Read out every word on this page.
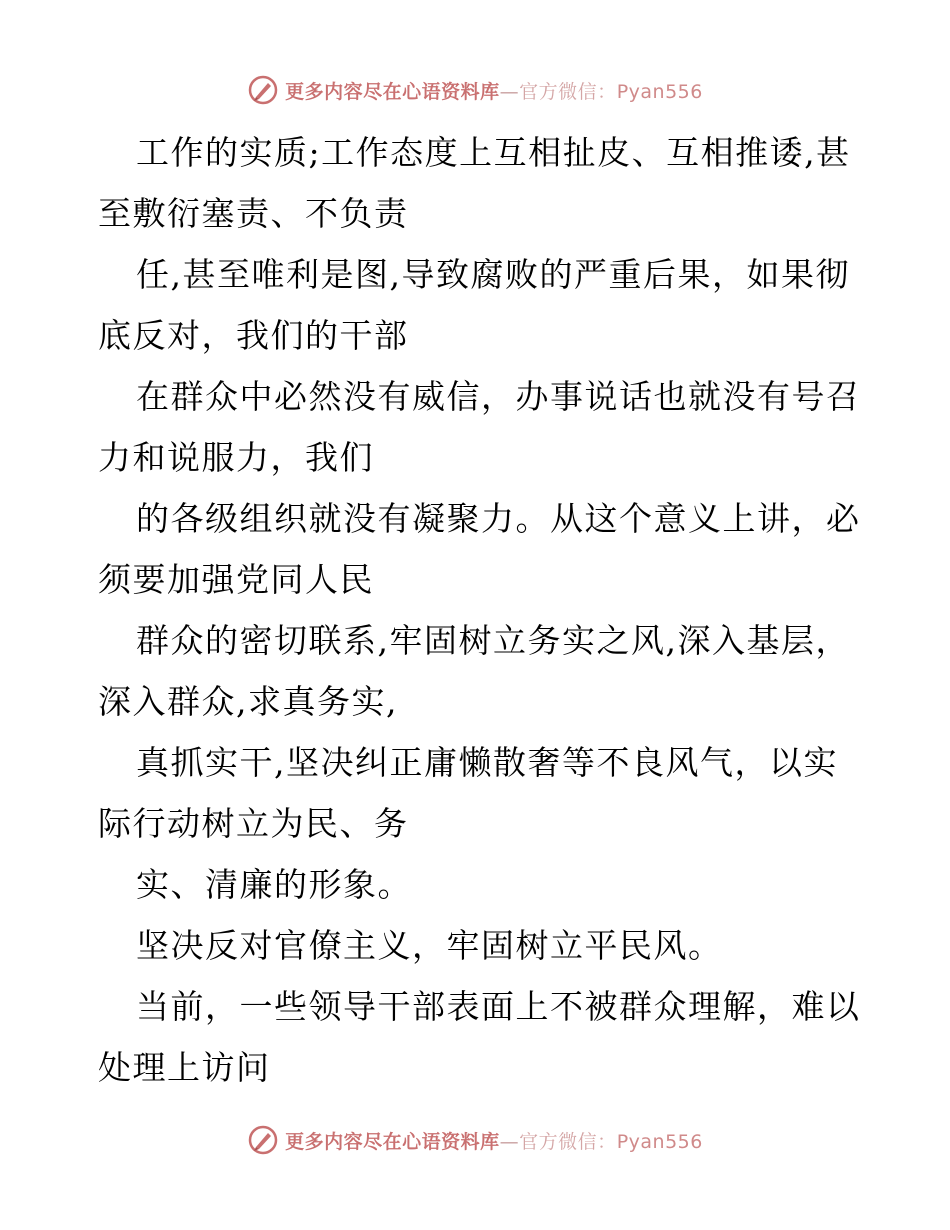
更多内容尽在心语资料库—官方微信：Pyan556
工作的实质;工作态度上互相扯皮、互相推诿,甚
至敷衍塞责、不负责
任,甚至唯利是图,导致腐败的严重后果，如果彻
底反对，我们的干部
在群众中必然没有威信，办事说话也就没有号召
力和说服力，我们
的各级组织就没有凝聚力。从这个意义上讲，必
须要加强党同人民
群众的密切联系,牢固树立务实之风,深入基层，
深入群众,求真务实,
真抓实干,坚决纠正庸懒散奢等不良风气，以实
际行动树立为民、务
实、清廉的形象。
坚决反对官僚主义，牢固树立平民风。
当前，一些领导干部表面上不被群众理解，难以
处理上访问
更多内容尽在心语资料库—官方微信：Pyan556
